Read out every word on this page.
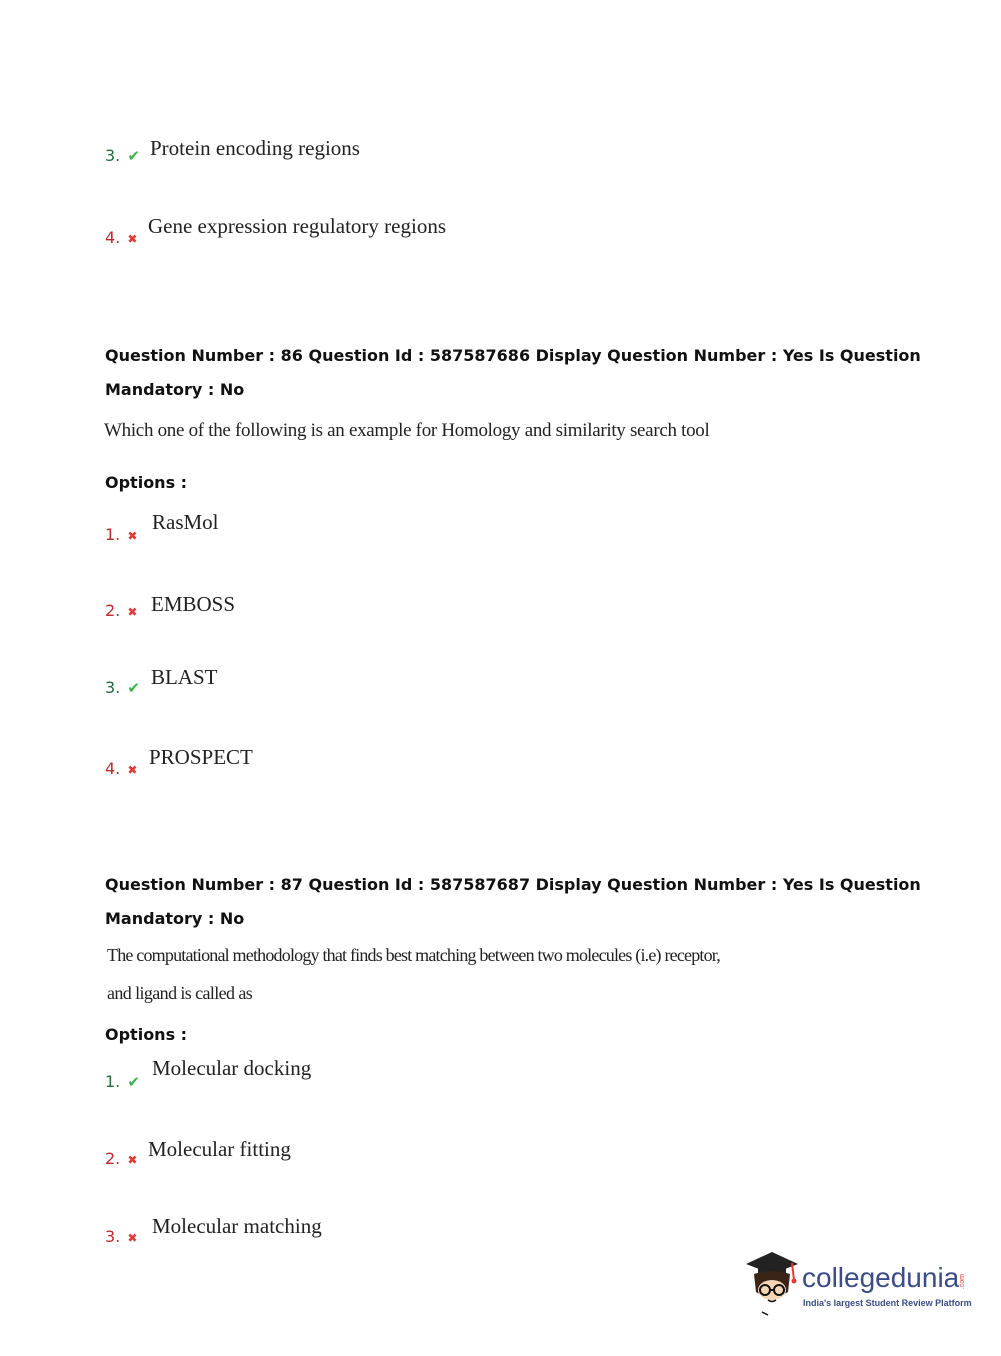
3. ✔ Protein encoding regions
4. ✖
Gene expression regulatory regions
Question Number : 86 Question Id : 587587686 Display Question Number : Yes Is Question
Mandatory : No
Which one of the following is an example for Homology and similarity search tool
Options :
1. ✖
RasMol
2. ✖ EMBOSS
3. ✔ BLAST
4. ✖
PROSPECT
Question Number : 87 Question Id : 587587687 Display Question Number : Yes Is Question
Mandatory : No
The computational methodology that finds best matching between two molecules (i.e) receptor,
and ligand is called as
Options :
1. ✔
Molecular docking
2. ✖ Molecular fitting
3. ✖ Molecular matching
collegedunia .com
India's largest Student Review Platform
